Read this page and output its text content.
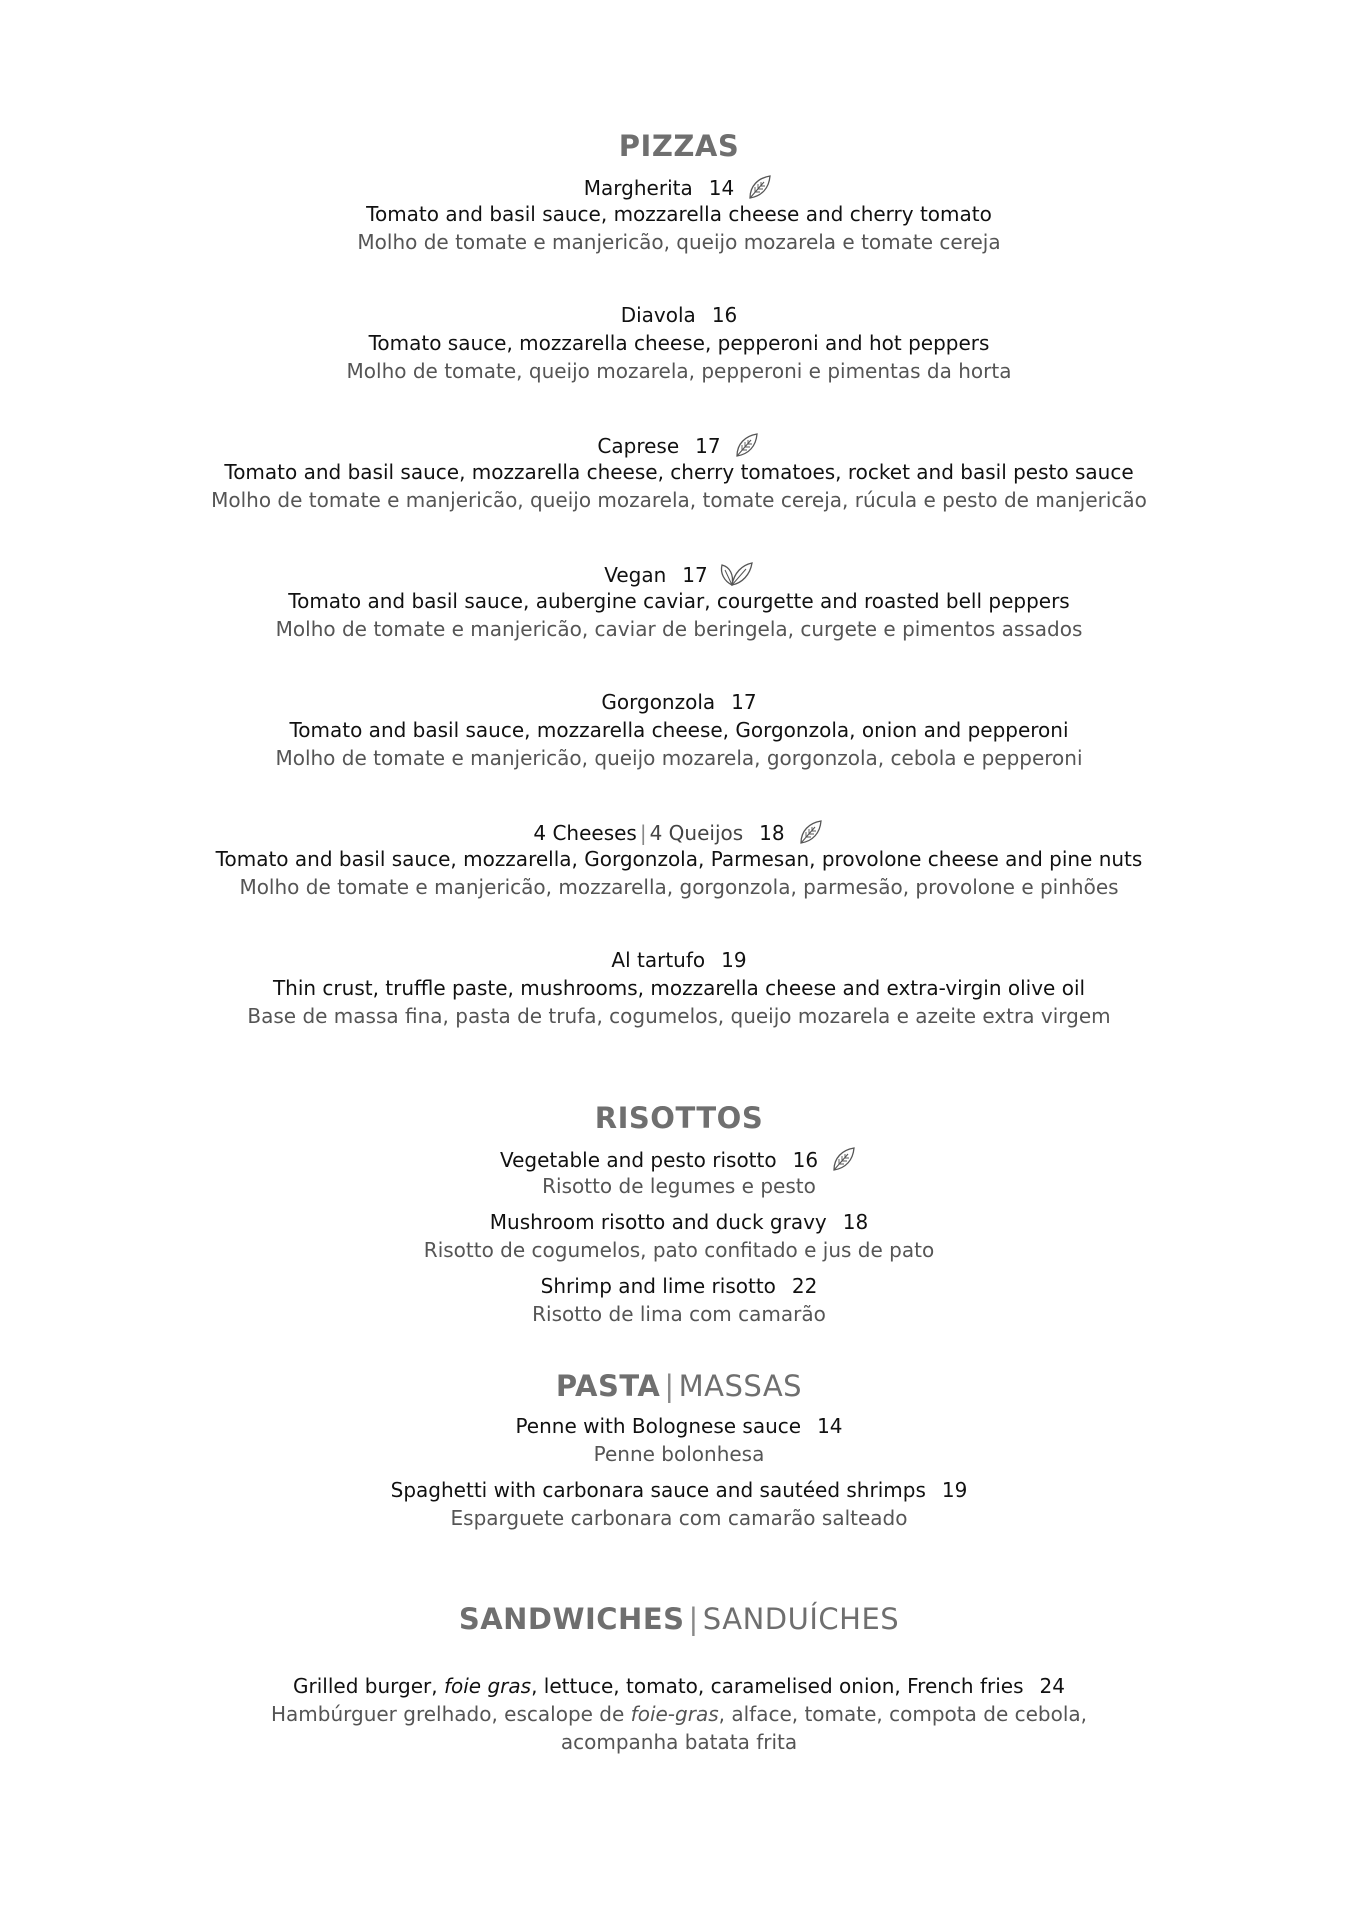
PIZZAS
Margherita 14
Tomato and basil sauce, mozzarella cheese and cherry tomato
Molho de tomate e manjericão, queijo mozarela e tomate cereja
Diavola 16
Tomato sauce, mozzarella cheese, pepperoni and hot peppers
Molho de tomate, queijo mozarela, pepperoni e pimentas da horta
Caprese 17
Tomato and basil sauce, mozzarella cheese, cherry tomatoes, rocket and basil pesto sauce
Molho de tomate e manjericão, queijo mozarela, tomate cereja, rúcula e pesto de manjericão
Vegan 17
Tomato and basil sauce, aubergine caviar, courgette and roasted bell peppers
Molho de tomate e manjericão, caviar de beringela, curgete e pimentos assados
Gorgonzola 17
Tomato and basil sauce, mozzarella cheese, Gorgonzola, onion and pepperoni
Molho de tomate e manjericão, queijo mozarela, gorgonzola, cebola e pepperoni
4 Cheeses | 4 Queijos 18
Tomato and basil sauce, mozzarella, Gorgonzola, Parmesan, provolone cheese and pine nuts
Molho de tomate e manjericão, mozzarella, gorgonzola, parmesão, provolone e pinhões
Al tartufo 19
Thin crust, truffle paste, mushrooms, mozzarella cheese and extra-virgin olive oil
Base de massa fina, pasta de trufa, cogumelos, queijo mozarela e azeite extra virgem
RISOTTOS
Vegetable and pesto risotto 16
Risotto de legumes e pesto
Mushroom risotto and duck gravy 18
Risotto de cogumelos, pato confitado e jus de pato
Shrimp and lime risotto 22
Risotto de lima com camarão
PASTA | MASSAS
Penne with Bolognese sauce 14
Penne bolonhesa
Spaghetti with carbonara sauce and sautéed shrimps 19
Esparguete carbonara com camarão salteado
SANDWICHES | SANDUÍCHES
Grilled burger, foie gras, lettuce, tomato, caramelised onion, French fries 24
Hambúrguer grelhado, escalope de foie-gras, alface, tomate, compota de cebola,
acompanha batata frita
